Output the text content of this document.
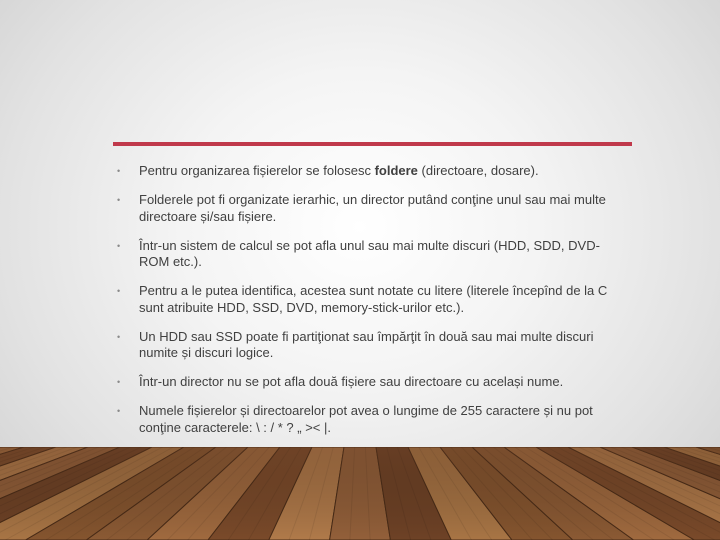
• Pentru organizarea fișierelor se folosesc foldere (directoare, dosare).
• Folderele pot fi organizate ierarhic, un director putând conţine unul sau mai multe directoare și/sau fișiere.
• Într-un sistem de calcul se pot afla unul sau mai multe discuri (HDD, SDD, DVD-ROM etc.).
• Pentru a le putea identifica, acestea sunt notate cu litere (literele începînd de la C sunt atribuite HDD, SSD, DVD, memory-stick-urilor etc.).
• Un HDD sau SSD poate fi partiţionat sau împărţit în două sau mai multe discuri numite și discuri logice.
• Într-un director nu se pot afla două fișiere sau directoare cu același nume.
• Numele fișierelor și directoarelor pot avea o lungime de 255 caractere și nu pot conţine caracterele: \ : / * ? „ >< |.
